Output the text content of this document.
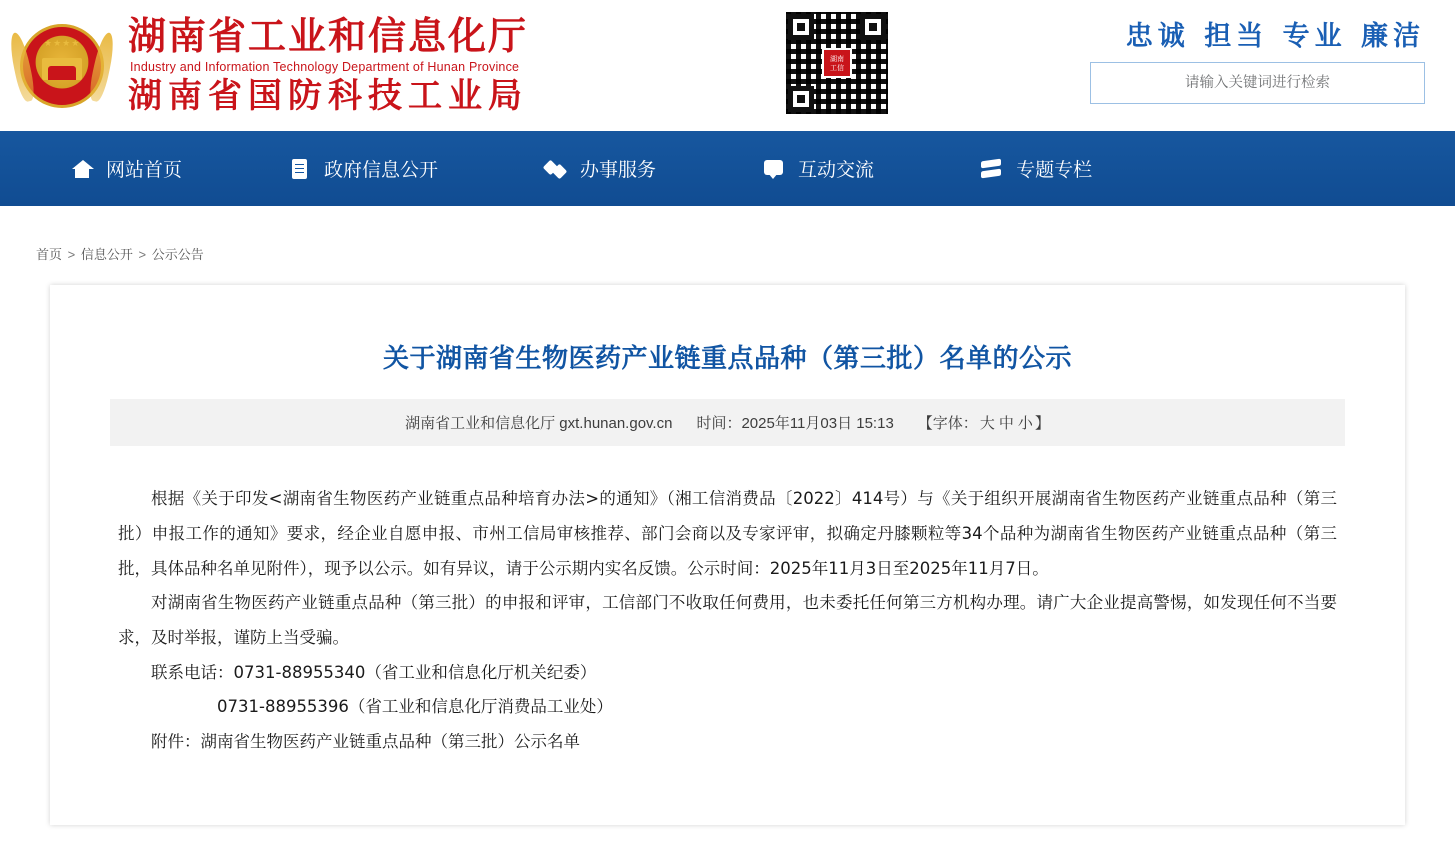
★★★★ 湖南省工业和信息化厅
Industry and Information Technology Department of Hunan Province
湖南省国防科技工业局
湖南
工信
忠诚 担当 专业 廉洁
请输入关键词进行检索
网站首页	政府信息公开	办事服务	互动交流	专题专栏
首页 > 信息公开 > 公示公告
关于湖南省生物医药产业链重点品种（第三批）名单的公示
湖南省工业和信息化厅 gxt.hunan.gov.cn 时间：2025年11月03日 15:13 【字体： 大 中 小 】

根据《关于印发<湖南省生物医药产业链重点品种培育办法>的通知》（湘工信消费品〔2022〕414号）与《关于组织开展湖南省生物医药产业链重点品种（第三批）申报工作的通知》要求，经企业自愿申报、市州工信局审核推荐、部门会商以及专家评审，拟确定丹膝颗粒等34个品种为湖南省生物医药产业链重点品种（第三批，具体品种名单见附件），现予以公示。如有异议，请于公示期内实名反馈。公示时间：2025年11月3日至2025年11月7日。

对湖南省生物医药产业链重点品种（第三批）的申报和评审，工信部门不收取任何费用，也未委托任何第三方机构办理。请广大企业提高警惕，如发现任何不当要求，及时举报，谨防上当受骗。

联系电话：0731-88955340（省工业和信息化厅机关纪委）

0731-88955396（省工业和信息化厅消费品工业处）

附件：湖南省生物医药产业链重点品种（第三批）公示名单
